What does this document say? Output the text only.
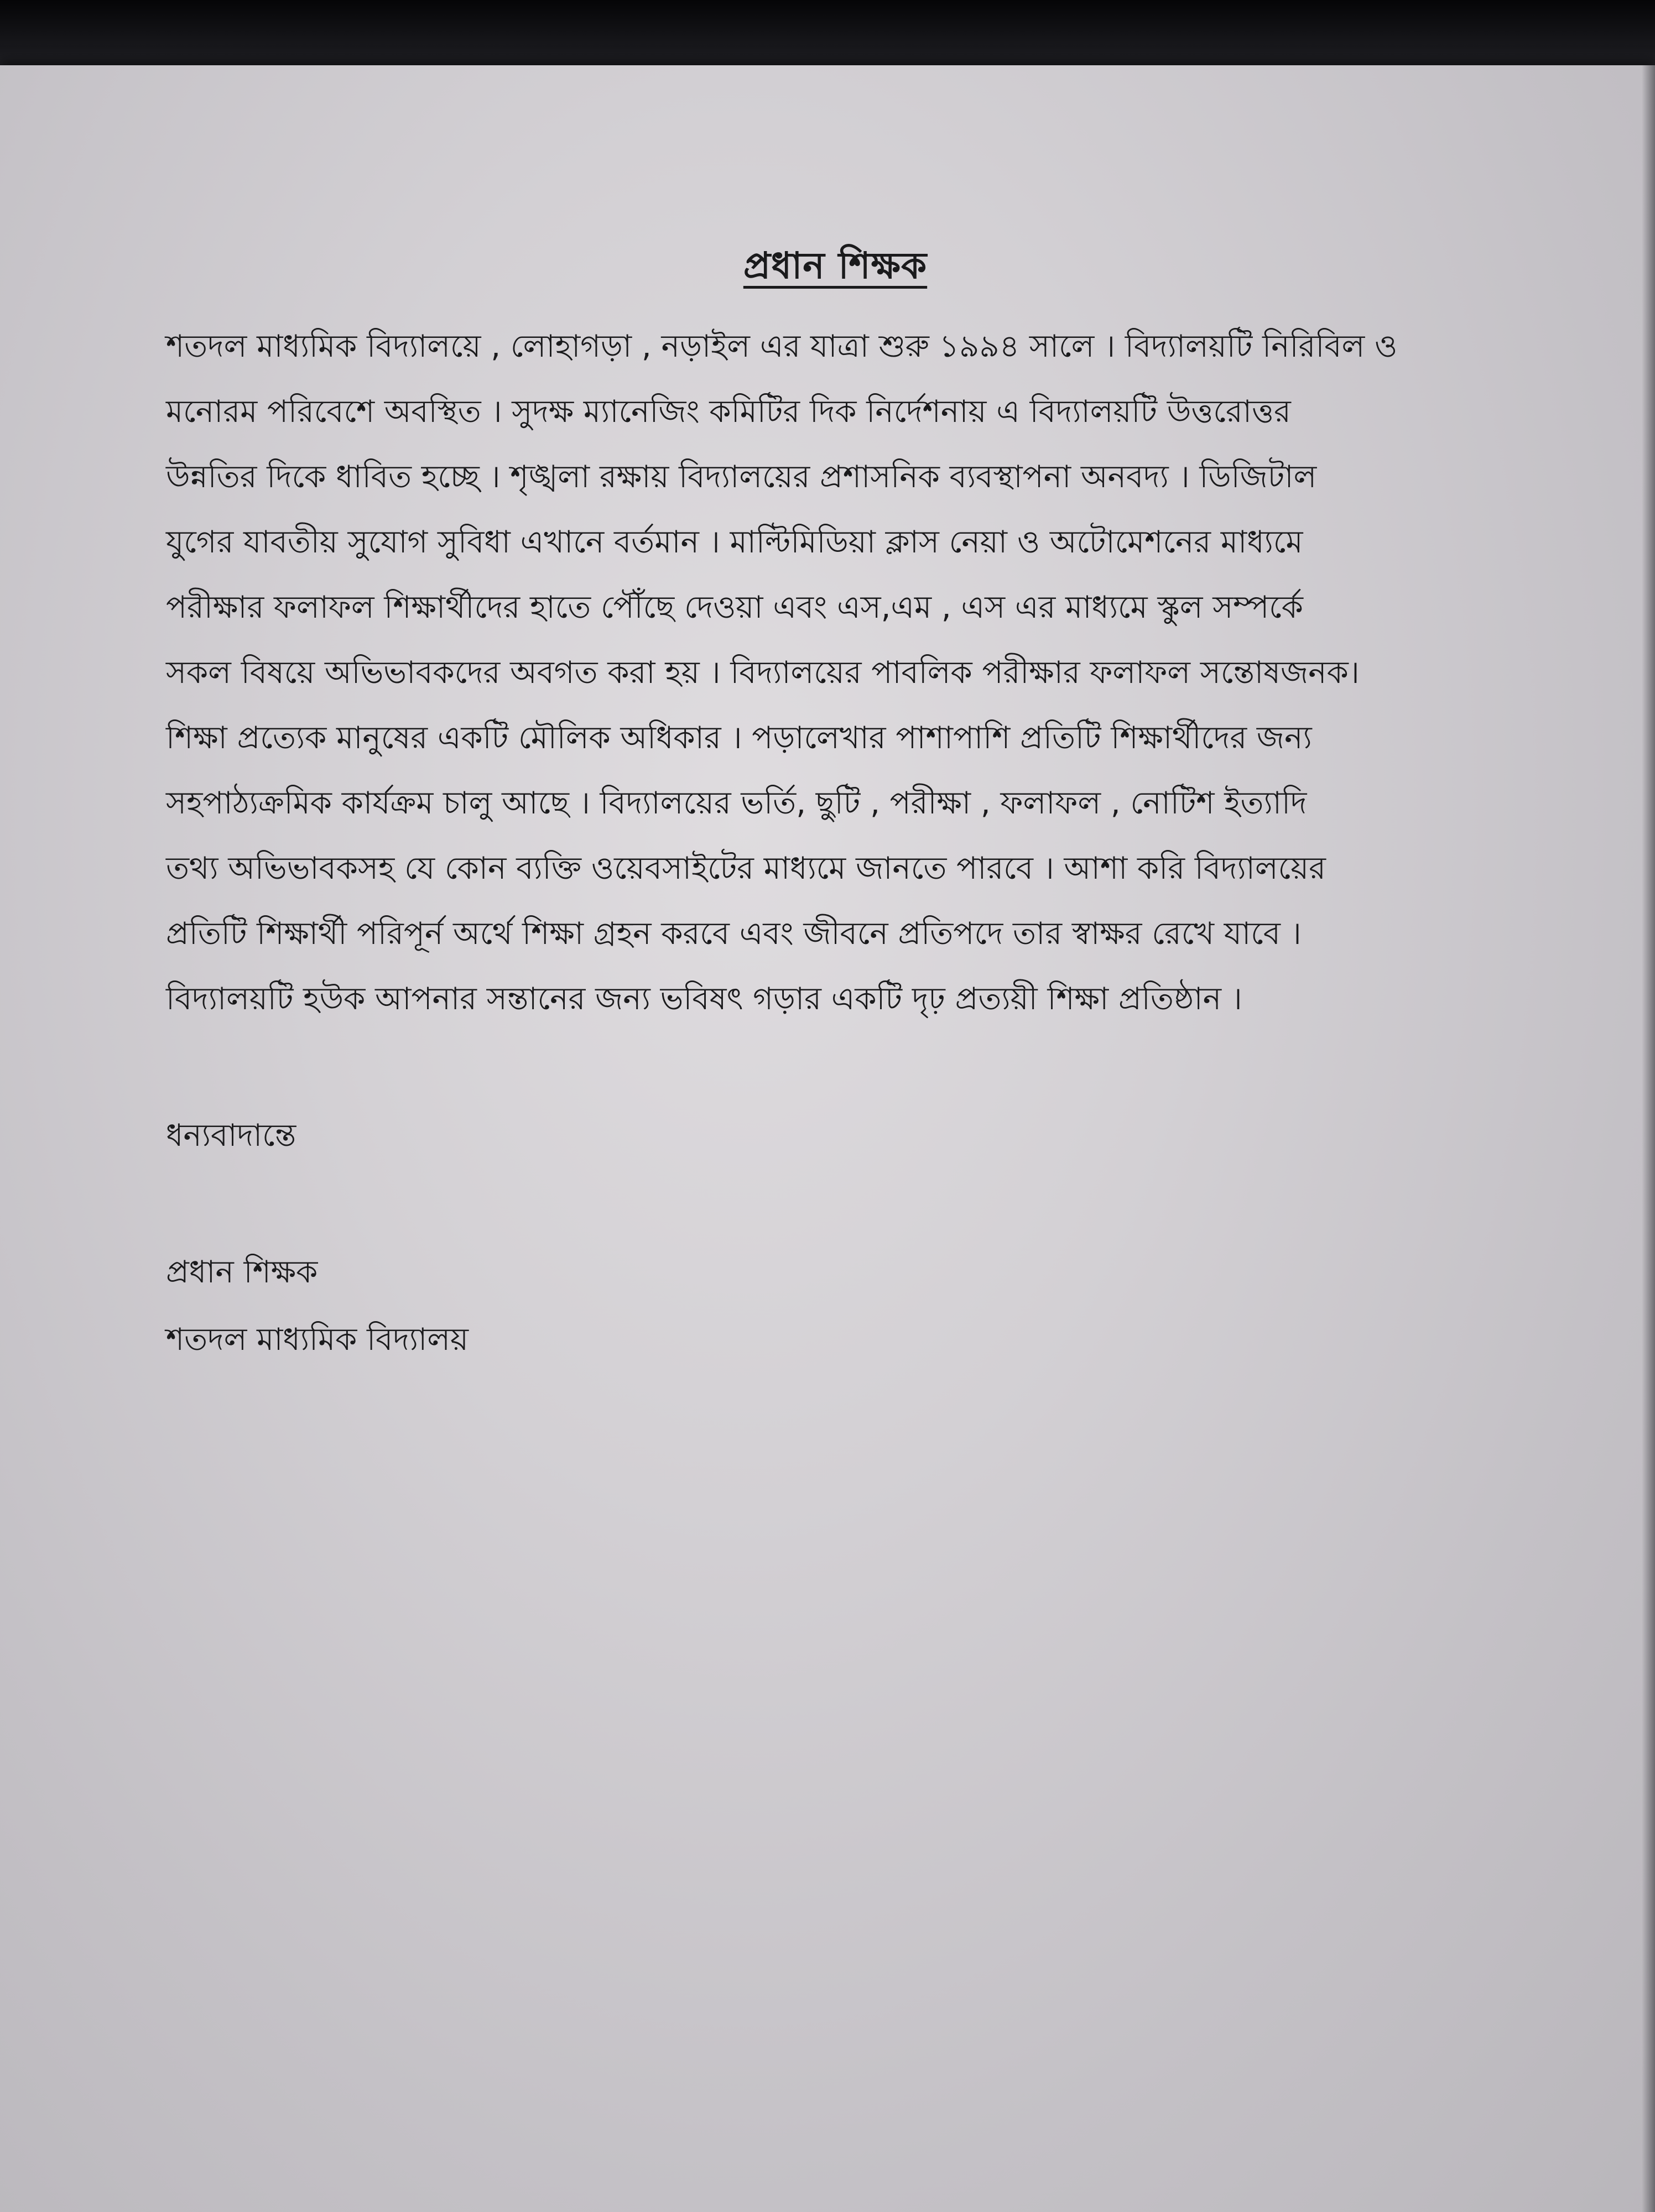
প্রধান শিক্ষক

শতদল মাধ্যমিক বিদ্যালয়ে , লোহাগড়া , নড়াইল এর যাত্রা শুরু ১৯৯৪ সালে । বিদ্যালয়টি নিরিবিল ও

মনোরম পরিবেশে অবস্থিত । সুদক্ষ ম্যানেজিং কমিটির দিক নির্দেশনায় এ বিদ্যালয়টি উত্তরোত্তর

উন্নতির দিকে ধাবিত হচ্ছে । শৃঙ্খলা রক্ষায় বিদ্যালয়ের প্রশাসনিক ব্যবস্থাপনা অনবদ্য । ডিজিটাল

যুগের যাবতীয় সুযোগ সুবিধা এখানে বর্তমান । মাল্টিমিডিয়া ক্লাস নেয়া ও অটোমেশনের মাধ্যমে

পরীক্ষার ফলাফল শিক্ষার্থীদের হাতে পৌঁছে দেওয়া এবং এস,এম , এস এর মাধ্যমে স্কুল সম্পর্কে

সকল বিষয়ে অভিভাবকদের অবগত করা হয় । বিদ্যালয়ের পাবলিক পরীক্ষার ফলাফল সন্তোষজনক।

শিক্ষা প্রত্যেক মানুষের একটি মৌলিক অধিকার । পড়ালেখার পাশাপাশি প্রতিটি শিক্ষার্থীদের জন্য

সহপাঠ্যক্রমিক কার্যক্রম চালু আছে । বিদ্যালয়ের ভর্তি, ছুটি , পরীক্ষা , ফলাফল , নোটিশ ইত্যাদি

তথ্য অভিভাবকসহ যে কোন ব্যক্তি ওয়েবসাইটের মাধ্যমে জানতে পারবে । আশা করি বিদ্যালয়ের

প্রতিটি শিক্ষার্থী পরিপূর্ন অর্থে শিক্ষা গ্রহন করবে এবং জীবনে প্রতিপদে তার স্বাক্ষর রেখে যাবে ।

বিদ্যালয়টি হউক আপনার সন্তানের জন্য ভবিষৎ গড়ার একটি দৃঢ় প্রত্যয়ী শিক্ষা প্রতিষ্ঠান ।

ধন্যবাদান্তে
প্রধান শিক্ষক
শতদল মাধ্যমিক বিদ্যালয়
